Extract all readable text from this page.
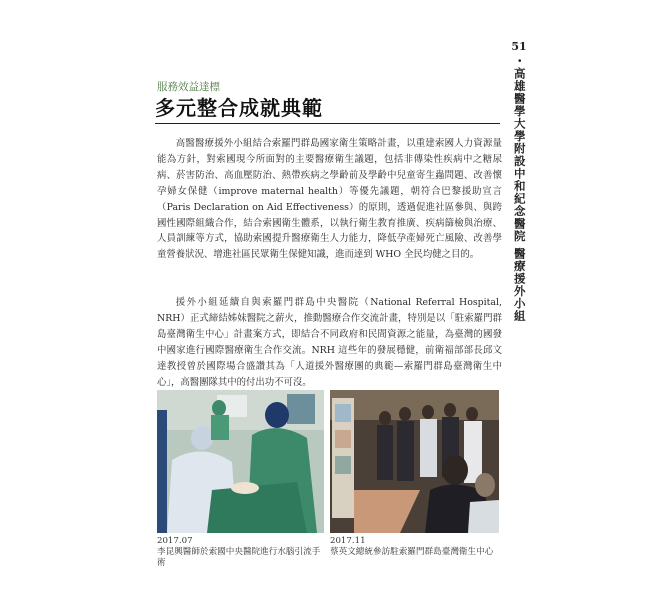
51
・高雄醫學大學附設中和紀念醫院 醫療援外小組
服務效益達標
多元整合成就典範

高醫醫療援外小組結合索羅門群島國家衛生策略計畫，以重建索國人力資源量能為方針，對索國現今所面對的主要醫療衛生議題，包括非傳染性疾病中之糖尿病、菸害防治、高血壓防治、熱帶疾病之學齡前及學齡中兒童寄生蟲問題、改善懷孕婦女保健（improve maternal health）等優先議題，朝符合巴黎援助宣言（Paris Declaration on Aid Effectiveness）的原則，透過促進社區參與、與跨國性國際組織合作，結合索國衛生體系，以執行衛生教育推廣、疾病篩檢與治療、人員訓練等方式，協助索國提升醫療衛生人力能力，降低孕產婦死亡風險、改善學童營養狀況、增進社區民眾衛生保健知識，進而達到 WHO 全民均健之目的。

援外小組延續自與索羅門群島中央醫院（National Referral Hospital, NRH）正式締結姊妹醫院之薪火，推動醫療合作交流計畫，特別是以「駐索羅門群島臺灣衛生中心」計畫案方式，即結合不同政府和民間資源之能量，為臺灣的國發中國家進行國際醫療衛生合作交流。NRH 這些年的發展穩健，前衛福部部長邱文達教授曾於國際場合盛讚其為「人道援外醫療團的典範—索羅門群島臺灣衛生中心」，高醫團隊其中的付出功不可沒。

2017.07
李昆興醫師於索國中央醫院進行水腦引流手術
2017.11
蔡英文總統參訪駐索羅門群島臺灣衛生中心
